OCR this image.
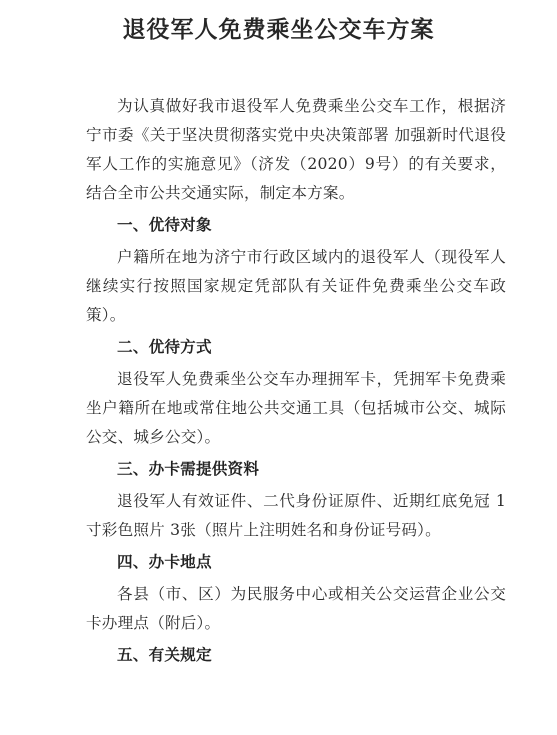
退役军人免费乘坐公交车方案

为认真做好我市退役军人免费乘坐公交车工作，根据济宁市委《关于坚决贯彻落实党中央决策部署 加强新时代退役军人工作的实施意见》（济发（2020）9号）的有关要求，结合全市公共交通实际，制定本方案。

一、优待对象

户籍所在地为济宁市行政区域内的退役军人（现役军人继续实行按照国家规定凭部队有关证件免费乘坐公交车政策）。

二、优待方式

退役军人免费乘坐公交车办理拥军卡，凭拥军卡免费乘坐户籍所在地或常住地公共交通工具（包括城市公交、城际公交、城乡公交）。

三、办卡需提供资料

退役军人有效证件、二代身份证原件、近期红底免冠 1寸彩色照片 3张（照片上注明姓名和身份证号码）。

四、办卡地点

各县（市、区）为民服务中心或相关公交运营企业公交卡办理点（附后）。

五、有关规定
